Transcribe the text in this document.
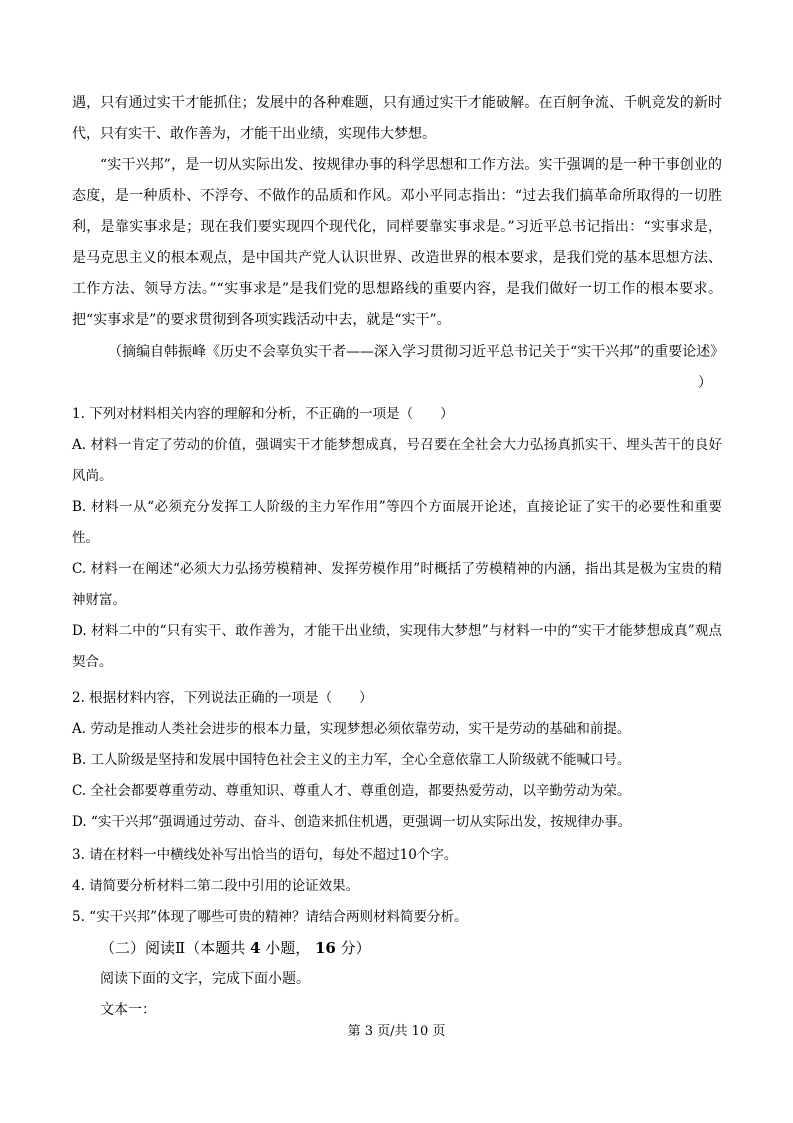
遇，只有通过实干才能抓住；发展中的各种难题，只有通过实干才能破解。在百舸争流、千帆竞发的新时代，只有实干、敢作善为，才能干出业绩，实现伟大梦想。
“实干兴邦”，是一切从实际出发、按规律办事的科学思想和工作方法。实干强调的是一种干事创业的态度，是一种质朴、不浮夸、不做作的品质和作风。邓小平同志指出：“过去我们搞革命所取得的一切胜利，是靠实事求是；现在我们要实现四个现代化，同样要靠实事求是。”习近平总书记指出：“实事求是，是马克思主义的根本观点，是中国共产党人认识世界、改造世界的根本要求，是我们党的基本思想方法、工作方法、领导方法。”“实事求是”是我们党的思想路线的重要内容，是我们做好一切工作的根本要求。把“实事求是”的要求贯彻到各项实践活动中去，就是“实干”。
（摘编自韩振峰《历史不会辜负实干者——深入学习贯彻习近平总书记关于“实干兴邦”的重要论述》
）
1. 下列对材料相关内容的理解和分析，不正确的一项是（　　）
A. 材料一肯定了劳动的价值，强调实干才能梦想成真，号召要在全社会大力弘扬真抓实干、埋头苦干的良好风尚。
B. 材料一从“必须充分发挥工人阶级的主力军作用”等四个方面展开论述，直接论证了实干的必要性和重要性。
C. 材料一在阐述“必须大力弘扬劳模精神、发挥劳模作用”时概括了劳模精神的内涵，指出其是极为宝贵的精神财富。
D. 材料二中的“只有实干、敢作善为，才能干出业绩，实现伟大梦想”与材料一中的“实干才能梦想成真”观点契合。
2. 根据材料内容，下列说法正确的一项是（　　）
A. 劳动是推动人类社会进步的根本力量，实现梦想必须依靠劳动，实干是劳动的基础和前提。
B. 工人阶级是坚持和发展中国特色社会主义的主力军，全心全意依靠工人阶级就不能喊口号。
C. 全社会都要尊重劳动、尊重知识、尊重人才、尊重创造，都要热爱劳动，以辛勤劳动为荣。
D. “实干兴邦”强调通过劳动、奋斗、创造来抓住机遇，更强调一切从实际出发，按规律办事。
3. 请在材料一中横线处补写出恰当的语句，每处不超过10个字。
4. 请简要分析材料二第二段中引用的论证效果。
5. “实干兴邦”体现了哪些可贵的精神？请结合两则材料简要分析。
（二）阅读Ⅱ（本题共 4 小题， 16 分）
阅读下面的文字，完成下面小题。
文本一：
第 3 页/共 10 页
